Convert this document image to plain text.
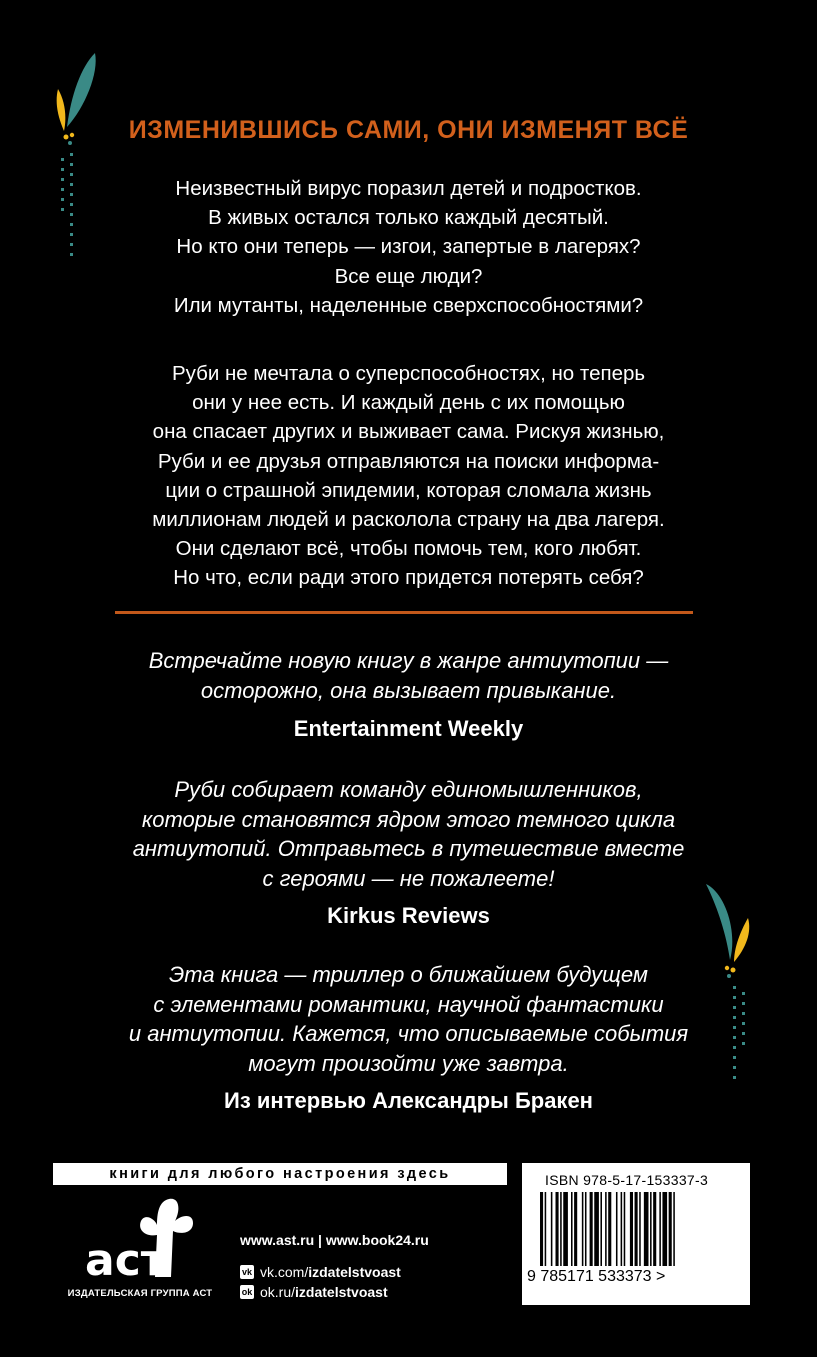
ИЗМЕНИВШИСЬ САМИ, ОНИ ИЗМЕНЯТ ВСЁ
Неизвестный вирус поразил детей и подростков.
В живых остался только каждый десятый.
Но кто они теперь — изгои, запертые в лагерях?
Все еще люди?
Или мутанты, наделенные сверхспособностями?
Руби не мечтала о суперспособностях, но теперь
они у нее есть. И каждый день с их помощью
она спасает других и выживает сама. Рискуя жизнью,
Руби и ее друзья отправляются на поиски информа-
ции о страшной эпидемии, которая сломала жизнь
миллионам людей и расколола страну на два лагеря.
Они сделают всё, чтобы помочь тем, кого любят.
Но что, если ради этого придется потерять себя?
Встречайте новую книгу в жанре антиутопии —
осторожно, она вызывает привыкание.
Entertainment Weekly
Руби собирает команду единомышленников,
которые становятся ядром этого темного цикла
антиутопий. Отправьтесь в путешествие вместе
с героями — не пожалеете!
Kirkus Reviews
Эта книга — триллер о ближайшем будущем
с элементами романтики, научной фантастики
и антиутопии. Кажется, что описываемые события
могут произойти уже завтра.
Из интервью Александры Бракен
книги для любого настроения здесь
аст
ИЗДАТЕЛЬСКАЯ ГРУППА АСТ
www.ast.ru | www.book24.ru
vk vk.com/izdatelstvoast
ok ok.ru/izdatelstvoast
ISBN 978-5-17-153337-3
9 785171 533373 >
